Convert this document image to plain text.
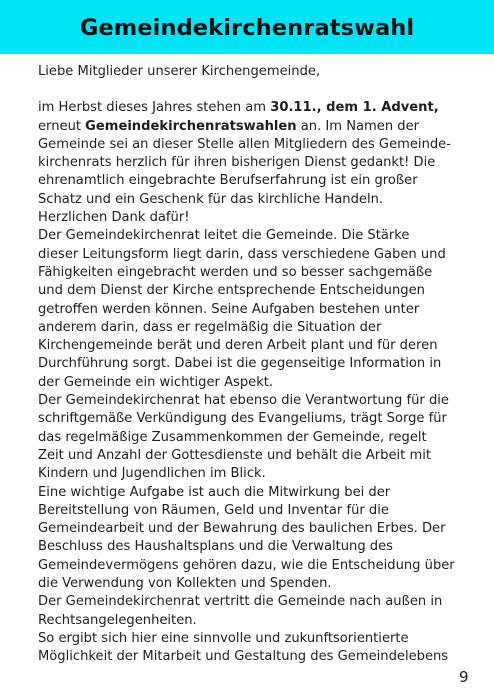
Gemeindekirchenratswahl

Liebe Mitglieder unserer Kirchengemeinde,

im Herbst dieses Jahres stehen am 30.11., dem 1. Advent,

erneut Gemeindekirchenratswahlen an. Im Namen der

Gemeinde sei an dieser Stelle allen Mitgliedern des Gemeinde-

kirchenrats herzlich für ihren bisherigen Dienst gedankt! Die

ehrenamtlich eingebrachte Berufserfahrung ist ein großer

Schatz und ein Geschenk für das kirchliche Handeln.

Herzlichen Dank dafür!

Der Gemeindekirchenrat leitet die Gemeinde. Die Stärke

dieser Leitungsform liegt darin, dass verschiedene Gaben und

Fähigkeiten eingebracht werden und so besser sachgemäße

und dem Dienst der Kirche entsprechende Entscheidungen

getroffen werden können. Seine Aufgaben bestehen unter

anderem darin, dass er regelmäßig die Situation der

Kirchengemeinde berät und deren Arbeit plant und für deren

Durchführung sorgt. Dabei ist die gegenseitige Information in

der Gemeinde ein wichtiger Aspekt.

Der Gemeindekirchenrat hat ebenso die Verantwortung für die

schriftgemäße Verkündigung des Evangeliums, trägt Sorge für

das regelmäßige Zusammenkommen der Gemeinde, regelt

Zeit und Anzahl der Gottesdienste und behält die Arbeit mit

Kindern und Jugendlichen im Blick.

Eine wichtige Aufgabe ist auch die Mitwirkung bei der

Bereitstellung von Räumen, Geld und Inventar für die

Gemeindearbeit und der Bewahrung des baulichen Erbes. Der

Beschluss des Haushaltsplans und die Verwaltung des

Gemeindevermögens gehören dazu, wie die Entscheidung über

die Verwendung von Kollekten und Spenden.

Der Gemeindekirchenrat vertritt die Gemeinde nach außen in

Rechtsangelegenheiten.

So ergibt sich hier eine sinnvolle und zukunftsorientierte

Möglichkeit der Mitarbeit und Gestaltung des Gemeindelebens

9
